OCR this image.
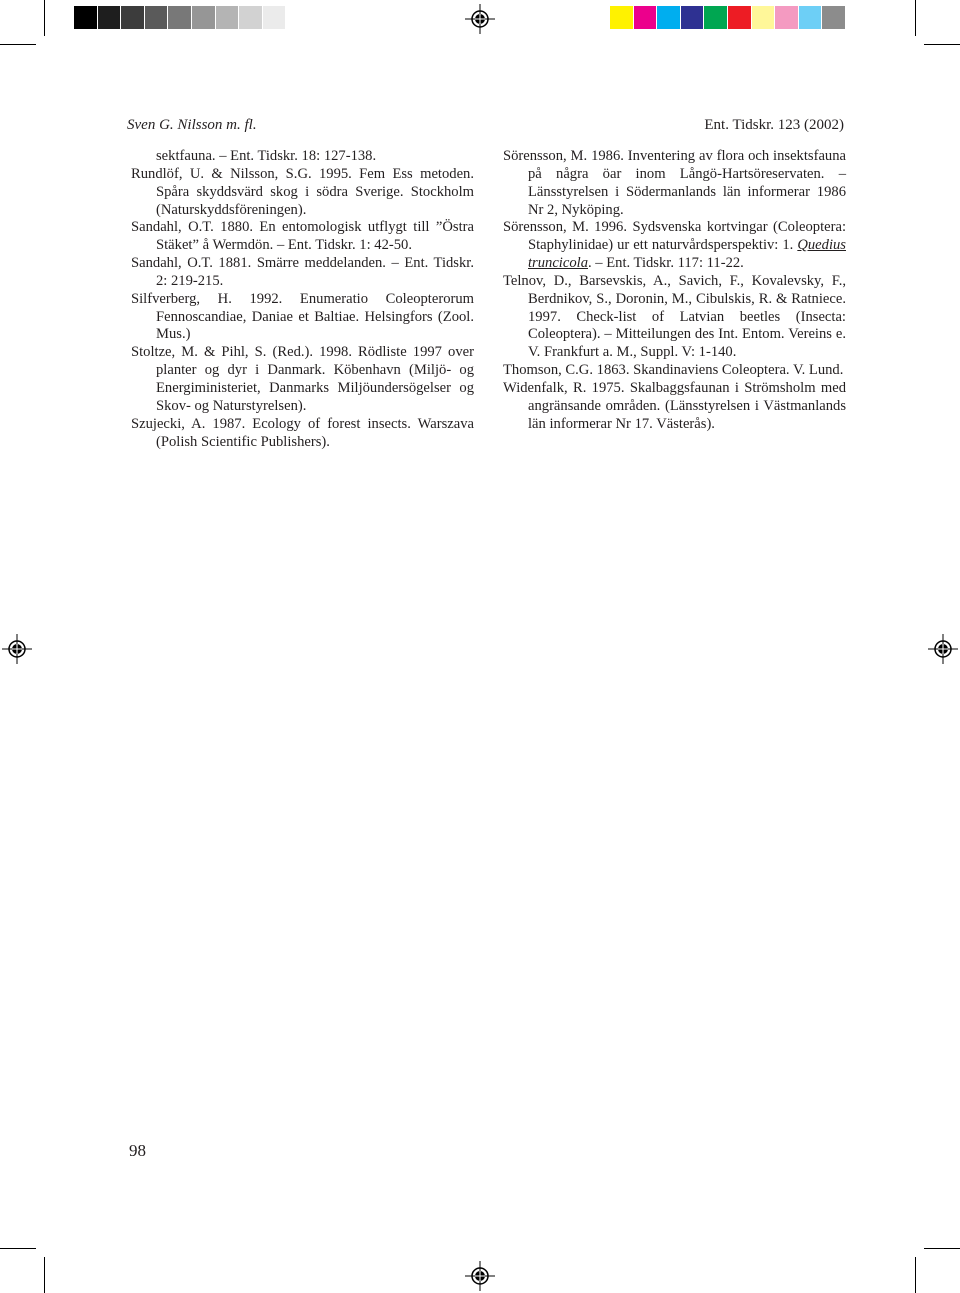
Sven G. Nilsson m. fl.	Ent. Tidskr. 123 (2002)
sektfauna. – Ent. Tidskr. 18: 127-138.
Rundlöf, U. & Nilsson, S.G. 1995. Fem Ess metoden. Spåra skyddsvärd skog i södra Sverige. Stockholm (Naturskyddsföreningen).
Sandahl, O.T. 1880. En entomologisk utflygt till ”Östra Stäket” å Wermdön. – Ent. Tidskr. 1: 42-50.
Sandahl, O.T. 1881. Smärre meddelanden. – Ent. Tidskr. 2: 219-215.
Silfverberg, H. 1992. Enumeratio Coleopterorum Fennoscandiae, Daniae et Baltiae. Helsingfors (Zool. Mus.)
Stoltze, M. & Pihl, S. (Red.). 1998. Rödliste 1997 over planter og dyr i Danmark. Köbenhavn (Miljö- og Energiministeriet, Danmarks Miljöundersögelser og Skov- og Naturstyrelsen).
Szujecki, A. 1987. Ecology of forest insects. Warszava (Polish Scientific Publishers).
Sörensson, M. 1986. Inventering av flora och insektsfauna på några öar inom Långö-Hartsöreservaten. – Länsstyrelsen i Södermanlands län informerar 1986 Nr 2, Nyköping.
Sörensson, M. 1996. Sydsvenska kortvingar (Coleoptera: Staphylinidae) ur ett naturvårdsperspektiv: 1. Quedius truncicola. – Ent. Tidskr. 117: 11-22.
Telnov, D., Barsevskis, A., Savich, F., Kovalevsky, F., Berdnikov, S., Doronin, M., Cibulskis, R. & Ratniece. 1997. Check-list of Latvian beetles (Insecta: Coleoptera). – Mitteilungen des Int. Entom. Vereins e. V. Frankfurt a. M., Suppl. V: 1-140.
Thomson, C.G. 1863. Skandinaviens Coleoptera. V. Lund.
Widenfalk, R. 1975. Skalbaggsfaunan i Strömsholm med angränsande områden. (Länsstyrelsen i Västmanlands län informerar Nr 17. Västerås).
98
